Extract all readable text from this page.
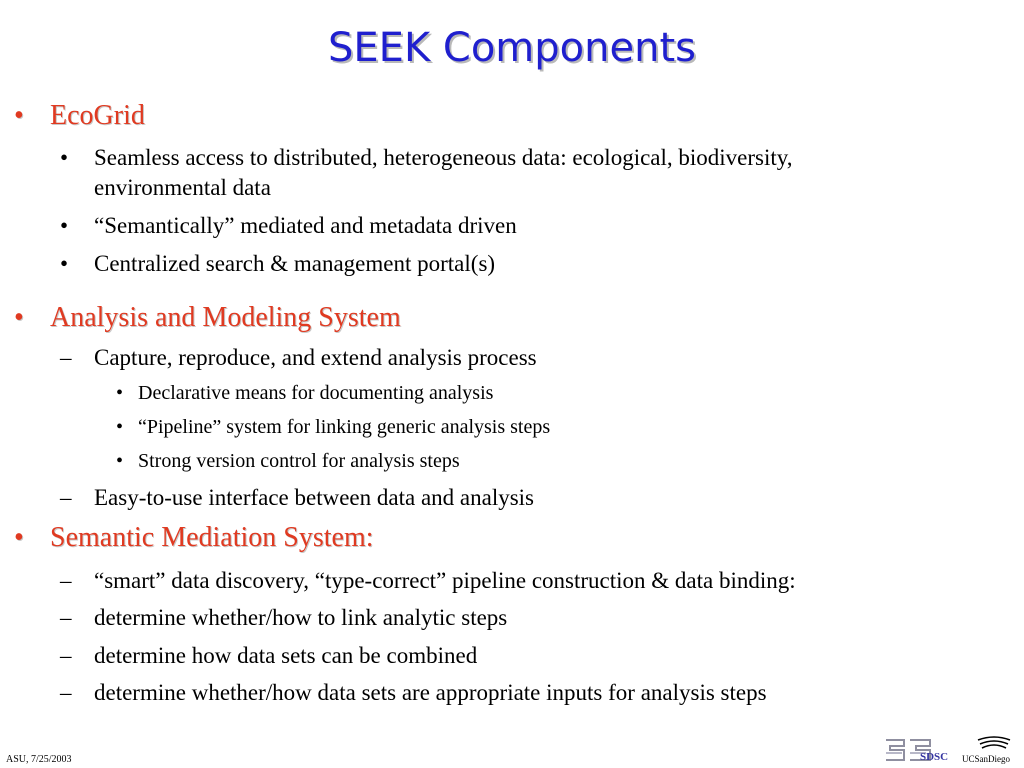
SEEK Components
• EcoGrid
• Seamless access to distributed, heterogeneous data: ecological, biodiversity,
environmental data
• “Semantically” mediated and metadata driven
• Centralized search & management portal(s)
• Analysis and Modeling System
– Capture, reproduce, and extend analysis process
• Declarative means for documenting analysis
• “Pipeline” system for linking generic analysis steps
• Strong version control for analysis steps
– Easy-to-use interface between data and analysis
• Semantic Mediation System:
– “smart” data discovery, “type-correct” pipeline construction & data binding:
– determine whether/how to link analytic steps
– determine how data sets can be combined
– determine whether/how data sets are appropriate inputs for analysis steps
ASU, 7/25/2003	SDSC UCSanDiego
